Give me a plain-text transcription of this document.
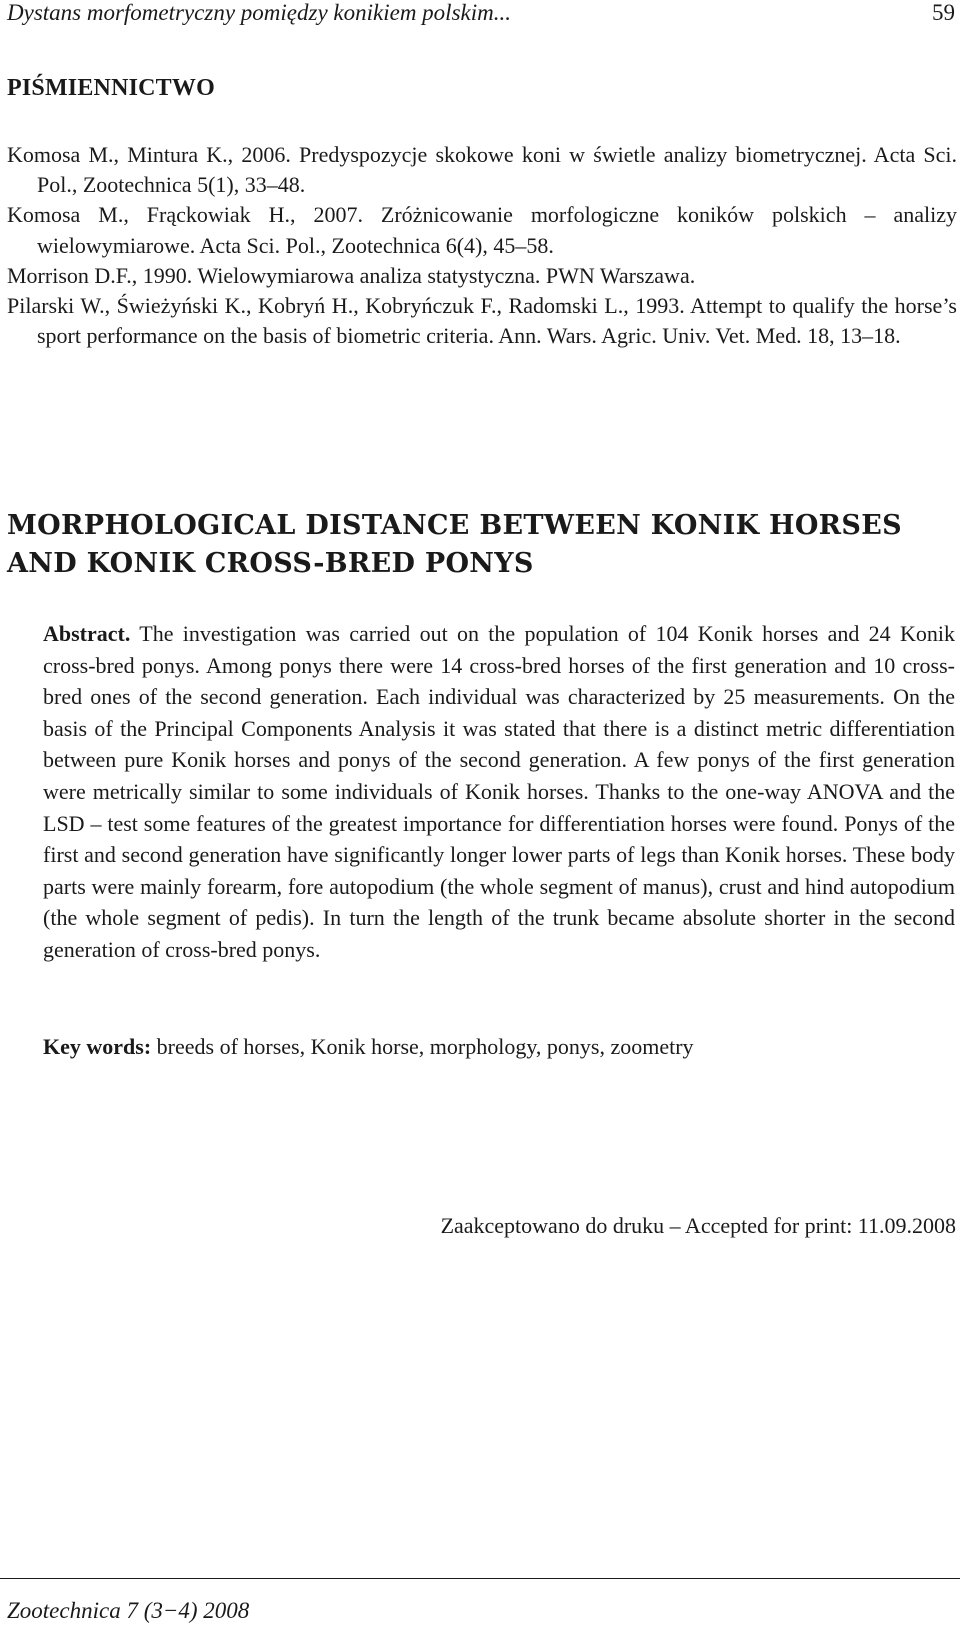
Dystans morfometryczny pomiędzy konikiem polskim...	59
PIŚMIENNICTWO

Komosa M., Mintura K., 2006. Predyspozycje skokowe koni w świetle analizy biometrycznej. Acta Sci. Pol., Zootechnica 5(1), 33–48.

Komosa M., Frąckowiak H., 2007. Zróżnicowanie morfologiczne koników polskich – analizy wielowymiarowe. Acta Sci. Pol., Zootechnica 6(4), 45–58.

Morrison D.F., 1990. Wielowymiarowa analiza statystyczna. PWN Warszawa.

Pilarski W., Świeżyński K., Kobryń H., Kobryńczuk F., Radomski L., 1993. Attempt to qualify the horse’s sport performance on the basis of biometric criteria. Ann. Wars. Agric. Univ. Vet. Med. 18, 13–18.

MORPHOLOGICAL DISTANCE BETWEEN KONIK HORSES
AND KONIK CROSS-BRED PONYS
Abstract. The investigation was carried out on the population of 104 Konik horses and 24 Konik cross-bred ponys. Among ponys there were 14 cross-bred horses of the first generation and 10 cross-bred ones of the second generation. Each individual was characterized by 25 measurements. On the basis of the Principal Components Analysis it was stated that there is a distinct metric differentiation between pure Konik horses and ponys of the second generation. A few ponys of the first generation were metrically similar to some individuals of Konik horses. Thanks to the one-way ANOVA and the LSD – test some features of the greatest importance for differentiation horses were found. Ponys of the first and second generation have significantly longer lower parts of legs than Konik horses. These body parts were mainly forearm, fore autopodium (the whole segment of manus), crust and hind autopodium (the whole segment of pedis). In turn the length of the trunk became absolute shorter in the second generation of cross-bred ponys.
Key words: breeds of horses, Konik horse, morphology, ponys, zoometry
Zaakceptowano do druku – Accepted for print: 11.09.2008
Zootechnica 7 (3−4) 2008
